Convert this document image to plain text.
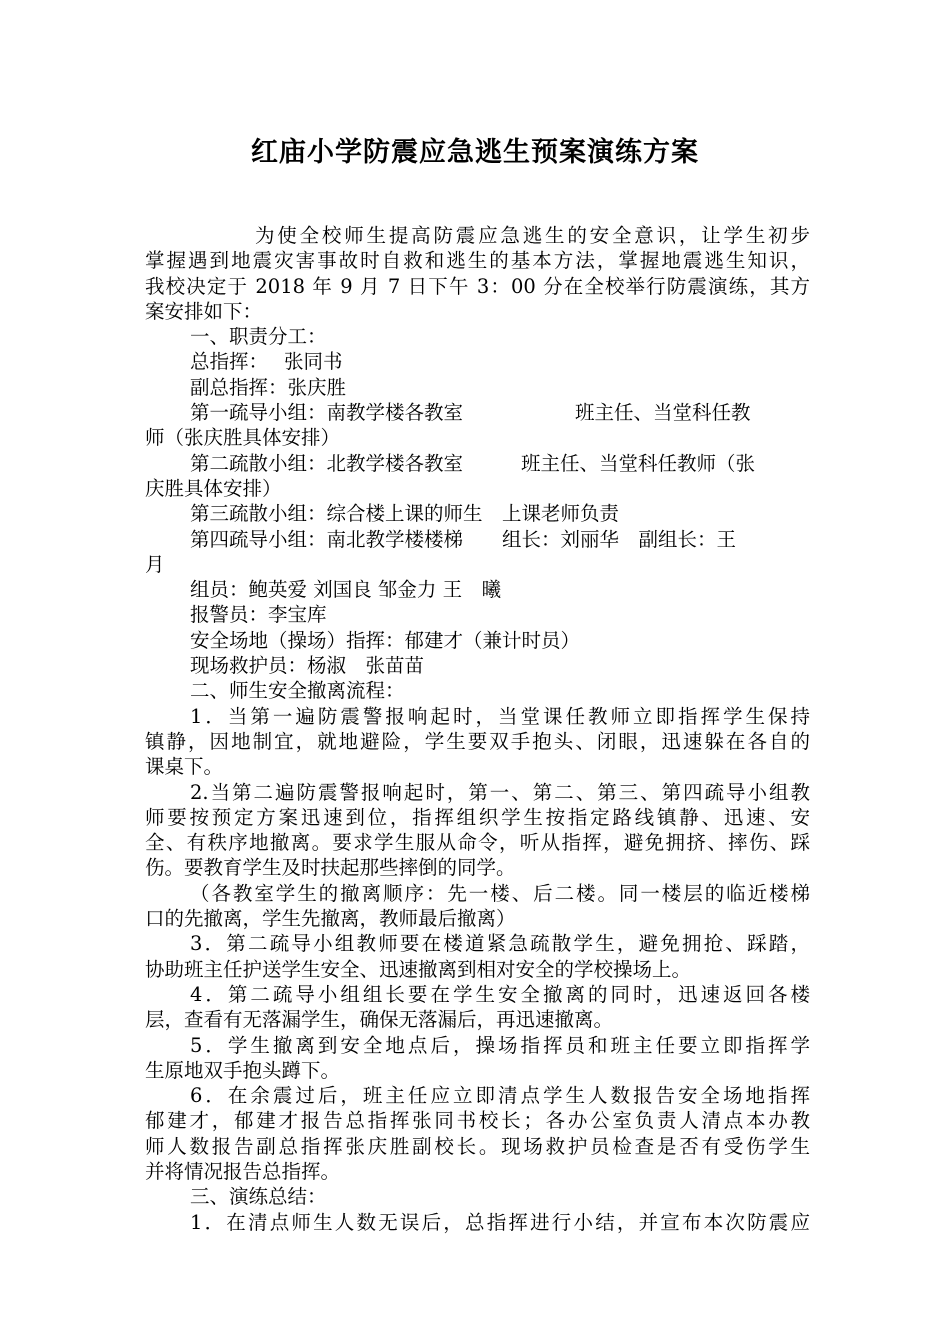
红庙小学防震应急逃生预案演练方案
为使全校师生提高防震应急逃生的安全意识，让学生初步
掌握遇到地震灾害事故时自救和逃生的基本方法，掌握地震逃生知识，
我校决定于 2018 年 9 月 7 日下午 3：00 分在全校举行防震演练，其方
案安排如下：
一、职责分工：
总指挥：　 张同书
副总指挥：张庆胜
第一疏导小组：南教学楼各教室	班主任、当堂科任教
师（张庆胜具体安排）
第二疏散小组：北教学楼各教室	班主任、当堂科任教师（张
庆胜具体安排）
第三疏散小组：综合楼上课的师生　上课老师负责
第四疏导小组：南北教学楼楼梯　　组长：刘丽华　副组长：王
月
组员：鲍英爱 刘国良 邹金力 王　曦
报警员：李宝库
安全场地（操场）指挥：郁建才（兼计时员）
现场救护员：杨淑　张苗苗
二、师生安全撤离流程：
1．当第一遍防震警报响起时，当堂课任教师立即指挥学生保持
镇静，因地制宜，就地避险，学生要双手抱头、闭眼，迅速躲在各自的
课桌下。
2.当第二遍防震警报响起时，第一、第二、第三、第四疏导小组教
师要按预定方案迅速到位，指挥组织学生按指定路线镇静、迅速、安
全、有秩序地撤离。要求学生服从命令，听从指挥，避免拥挤、摔伤、踩
伤。要教育学生及时扶起那些摔倒的同学。
（各教室学生的撤离顺序：先一楼、后二楼。同一楼层的临近楼梯
口的先撤离，学生先撤离，教师最后撤离）
3．第二疏导小组教师要在楼道紧急疏散学生，避免拥抢、踩踏，
协助班主任护送学生安全、迅速撤离到相对安全的学校操场上。
4．第二疏导小组组长要在学生安全撤离的同时，迅速返回各楼
层，查看有无落漏学生，确保无落漏后，再迅速撤离。
5．学生撤离到安全地点后，操场指挥员和班主任要立即指挥学
生原地双手抱头蹲下。
6．在余震过后，班主任应立即清点学生人数报告安全场地指挥
郁建才，郁建才报告总指挥张同书校长；各办公室负责人清点本办教
师人数报告副总指挥张庆胜副校长。现场救护员检查是否有受伤学生
并将情况报告总指挥。
三、演练总结：
1．在清点师生人数无误后，总指挥进行小结，并宣布本次防震应
